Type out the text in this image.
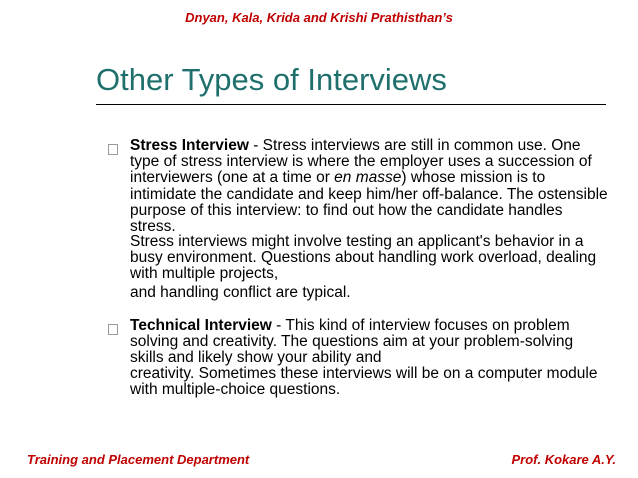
Dnyan, Kala, Krida and Krishi Prathisthan’s
Other Types of Interviews
Stress Interview - Stress interviews are still in common use. One type of stress interview is where the employer uses a succession of interviewers (one at a time or en masse) whose mission is to intimidate the candidate and keep him/her off-balance. The ostensible purpose of this interview: to find out how the candidate handles stress.
Stress interviews might involve testing an applicant's behavior in a busy environment. Questions about handling work overload, dealing with multiple projects,
and handling conflict are typical.
Technical Interview - This kind of interview focuses on problem solving and creativity. The questions aim at your problem-solving skills and likely show your ability and
creativity. Sometimes these interviews will be on a computer module with multiple-choice questions.
Training and Placement Department	Prof. Kokare A.Y.
